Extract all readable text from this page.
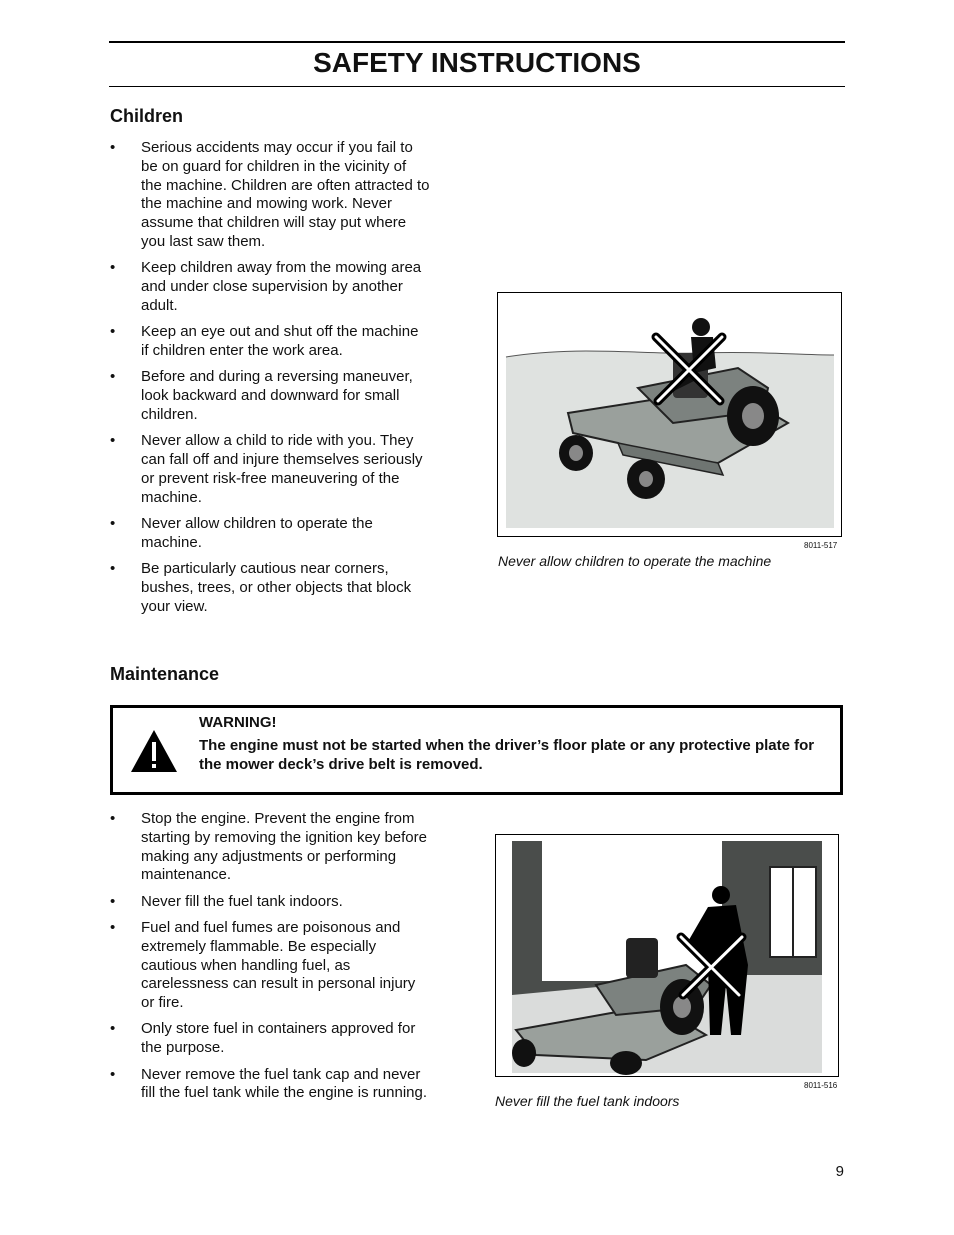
SAFETY INSTRUCTIONS
Children
• Serious accidents may occur if you fail to be on guard for children in the vicinity of the machine. Children are often attracted to the machine and mowing work. Never assume that children will stay put where you last saw them.
• Keep children away from the mowing area and under close supervision by another adult.
• Keep an eye out and shut off the machine if children enter the work area.
• Before and during a reversing maneuver, look backward and downward for small children.
• Never allow a child to ride with you. They can fall off and injure themselves seriously or prevent risk-free maneuvering of the machine.
• Never allow children to operate the machine.
• Be particularly cautious near corners, bushes, trees, or other objects that block your view.
8011-517
Never allow children to operate the machine
Maintenance
WARNING!
The engine must not be started when the driver’s floor plate or any protective plate for the mower deck’s drive belt is removed.
• Stop the engine. Prevent the engine from starting by removing the ignition key before making any adjustments or performing maintenance.
• Never fill the fuel tank indoors.
• Fuel and fuel fumes are poisonous and extremely flammable. Be especially cautious when handling fuel, as carelessness can result in personal injury or fire.
• Only store fuel in containers approved for the purpose.
• Never remove the fuel tank cap and never fill the fuel tank while the engine is running.	8011-516
Never fill the fuel tank indoors
9
